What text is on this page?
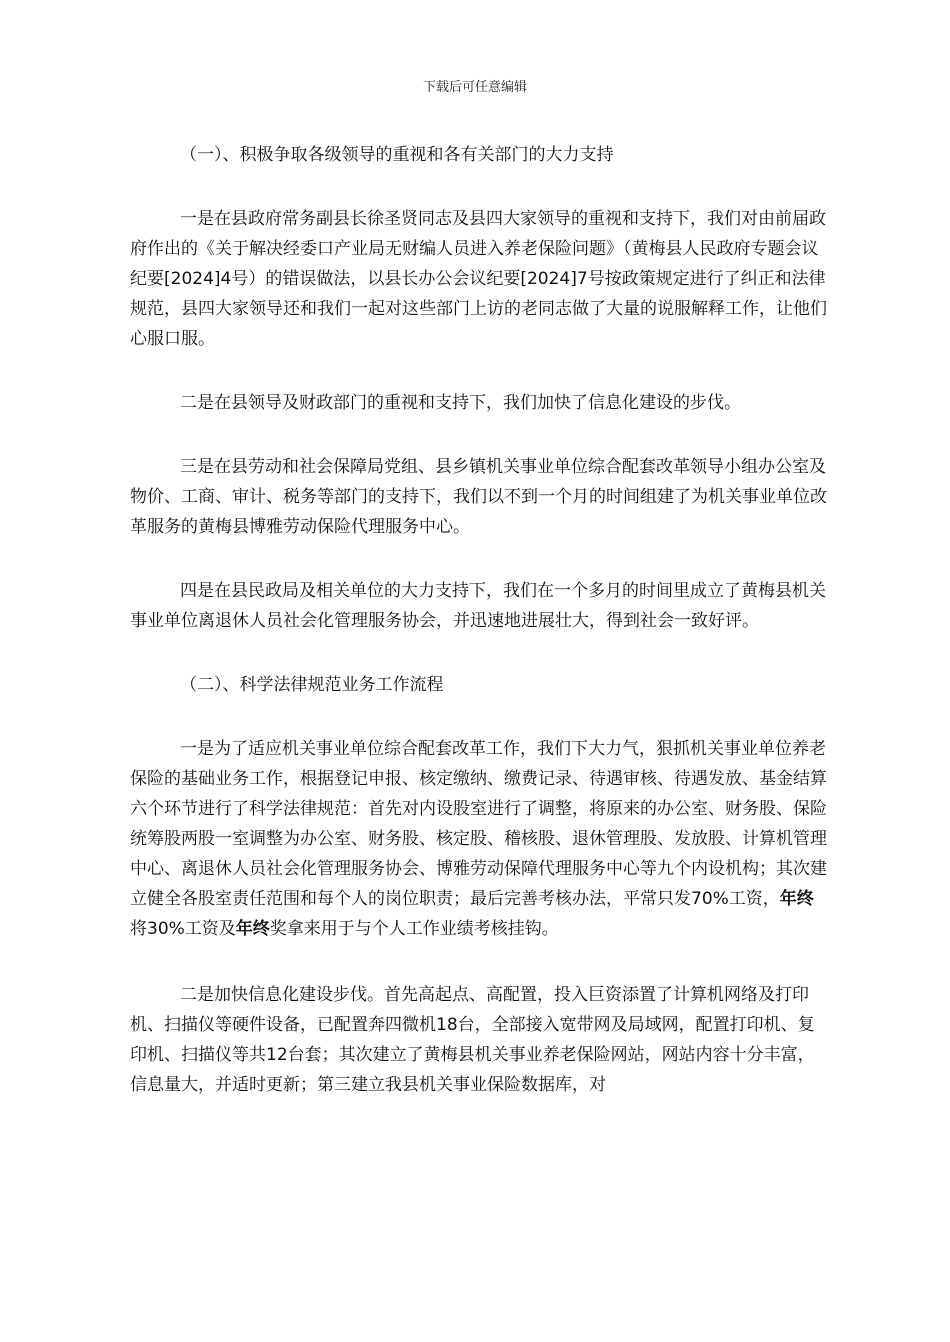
下载后可任意编辑

（一）、积极争取各级领导的重视和各有关部门的大力支持

一是在县政府常务副县长徐圣贤同志及县四大家领导的重视和支持下，我们对由前届政府作出的《关于解决经委口产业局无财编人员进入养老保险问题》（黄梅县人民政府专题会议纪要[2024]4号）的错误做法，以县长办公会议纪要[2024]7号按政策规定进行了纠正和法律规范，县四大家领导还和我们一起对这些部门上访的老同志做了大量的说服解释工作，让他们心服口服。

二是在县领导及财政部门的重视和支持下，我们加快了信息化建设的步伐。

三是在县劳动和社会保障局党组、县乡镇机关事业单位综合配套改革领导小组办公室及物价、工商、审计、税务等部门的支持下，我们以不到一个月的时间组建了为机关事业单位改革服务的黄梅县博雅劳动保险代理服务中心。

四是在县民政局及相关单位的大力支持下，我们在一个多月的时间里成立了黄梅县机关事业单位离退休人员社会化管理服务协会，并迅速地进展壮大，得到社会一致好评。

（二）、科学法律规范业务工作流程

一是为了适应机关事业单位综合配套改革工作，我们下大力气，狠抓机关事业单位养老保险的基础业务工作，根据登记申报、核定缴纳、缴费记录、待遇审核、待遇发放、基金结算六个环节进行了科学法律规范：首先对内设股室进行了调整，将原来的办公室、财务股、保险统筹股两股一室调整为办公室、财务股、核定股、稽核股、退休管理股、发放股、计算机管理中心、离退休人员社会化管理服务协会、博雅劳动保障代理服务中心等九个内设机构；其次建立健全各股室责任范围和每个人的岗位职责；最后完善考核办法，平常只发70%工资，年终将30%工资及年终奖拿来用于与个人工作业绩考核挂钩。

二是加快信息化建设步伐。首先高起点、高配置，投入巨资添置了计算机网络及打印机、扫描仪等硬件设备，已配置奔四微机18台，全部接入宽带网及局域网，配置打印机、复印机、扫描仪等共12台套；其次建立了黄梅县机关事业养老保险网站，网站内容十分丰富，信息量大，并适时更新；第三建立我县机关事业保险数据库，对
